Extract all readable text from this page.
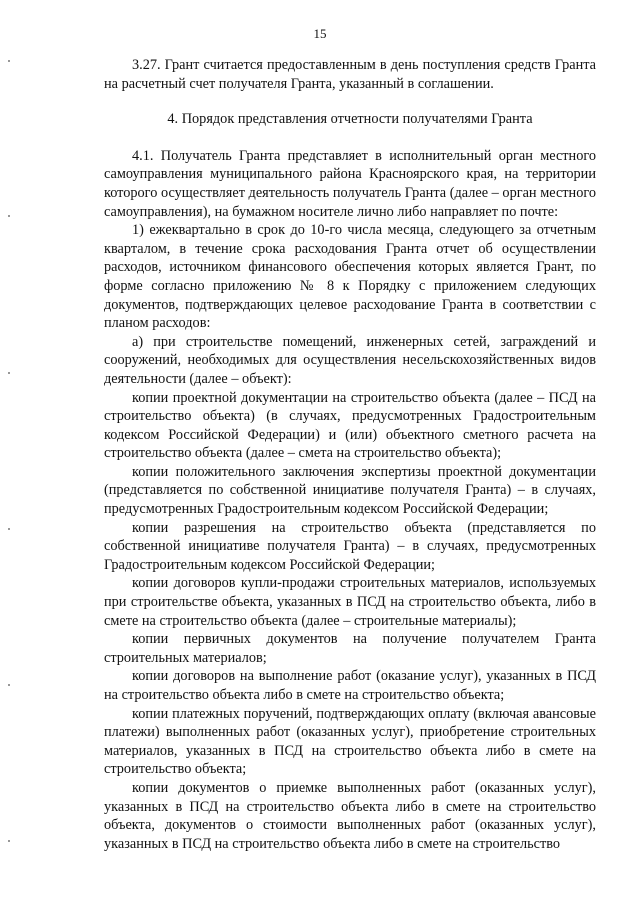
15

3.27. Грант считается предоставленным в день поступления средств Гранта на расчетный счет получателя Гранта, указанный в соглашении.

4. Порядок представления отчетности получателями Гранта

4.1. Получатель Гранта представляет в исполнительный орган местного самоуправления муниципального района Красноярского края, на территории которого осуществляет деятельность получатель Гранта (далее – орган местного самоуправления), на бумажном носителе лично либо направляет по почте:

1) ежеквартально в срок до 10-го числа месяца, следующего за отчетным кварталом, в течение срока расходования Гранта отчет об осуществлении расходов, источником финансового обеспечения которых является Грант, по форме согласно приложению № 8 к Порядку с приложением следующих документов, подтверждающих целевое расходование Гранта в соответствии с планом расходов:

а) при строительстве помещений, инженерных сетей, заграждений и сооружений, необходимых для осуществления несельскохозяйственных видов деятельности (далее – объект):

копии проектной документации на строительство объекта (далее – ПСД на строительство объекта) (в случаях, предусмотренных Градостроительным кодексом Российской Федерации) и (или) объектного сметного расчета на строительство объекта (далее – смета на строительство объекта);

копии положительного заключения экспертизы проектной документации (представляется по собственной инициативе получателя Гранта) – в случаях, предусмотренных Градостроительным кодексом Российской Федерации;

копии разрешения на строительство объекта (представляется по собственной инициативе получателя Гранта) – в случаях, предусмотренных Градостроительным кодексом Российской Федерации;

копии договоров купли-продажи строительных материалов, используемых при строительстве объекта, указанных в ПСД на строительство объекта, либо в смете на строительство объекта (далее – строительные материалы);

копии первичных документов на получение получателем Гранта строительных материалов;

копии договоров на выполнение работ (оказание услуг), указанных в ПСД на строительство объекта либо в смете на строительство объекта;

копии платежных поручений, подтверждающих оплату (включая авансовые платежи) выполненных работ (оказанных услуг), приобретение строительных материалов, указанных в ПСД на строительство объекта либо в смете на строительство объекта;

копии документов о приемке выполненных работ (оказанных услуг), указанных в ПСД на строительство объекта либо в смете на строительство объекта, документов о стоимости выполненных работ (оказанных услуг), указанных в ПСД на строительство объекта либо в смете на строительство
